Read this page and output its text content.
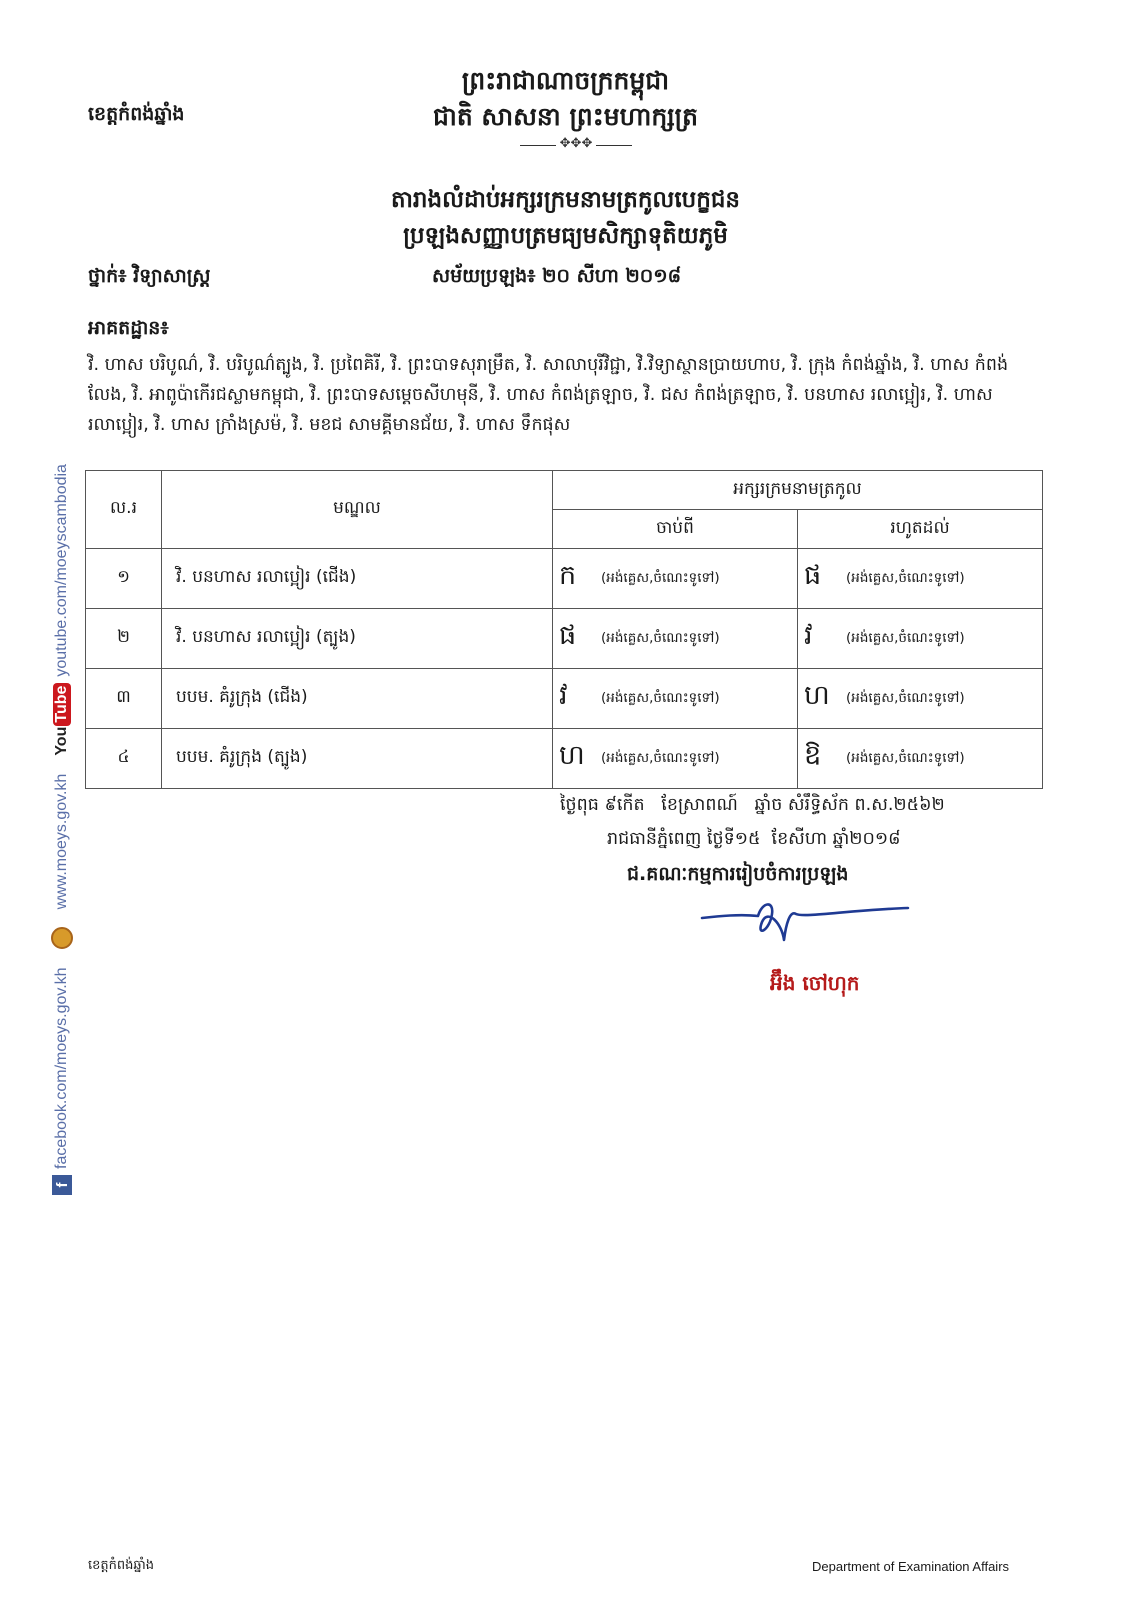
ព្រះរាជាណាចក្រកម្ពុជា
ជាតិ សាសនា ព្រះមហាក្សត្រ
✥✥✥
ខេត្តកំពង់ឆ្នាំង
តារាងលំដាប់អក្សរក្រមនាមត្រកូលបេក្ខជន
ប្រឡងសញ្ញាបត្រមធ្យមសិក្សាទុតិយភូមិ
ថ្នាក់៖ វិទ្យាសាស្ត្រ	សម័យប្រឡង៖ ២០ សីហា ២០១៨
អាគតដ្ឋាន៖
វិ. ហាស បរិបូណ៌, វិ. បរិបូណ៌ត្បូង, វិ. ប្រពៃគិរី, វិ. ព្រះបាទសុរាម្រឹត, វិ. សាលាបុរីវិជ្ជា, វិ.វិទ្យាស្ថានប្រាយហាប, វិ. ក្រុង កំពង់ឆ្នាំង, វិ. ហាស កំពង់លែង, វិ. អាពូប៉ាកើរជស្លាមកម្ពុជា, វិ. ព្រះបាទសម្តេចសីហមុនី, វិ. ហាស កំពង់ត្រឡាច, វិ. ជស កំពង់ត្រឡាច, វិ. បនហាស រលាប្អៀរ, វិ. ហាស រលាប្អៀរ, វិ. ហាស ក្រាំងស្រម៉, វិ. មខជ សាមគ្គីមានជ័យ, វិ. ហាស ទឹកផុស
ល.រ	មណ្ឌល	អក្សរក្រមនាមត្រកូល	
		ចាប់ពី	រហូតដល់
១	វិ. បនហាស រលាប្អៀរ (ជើង)	ក (អង់គ្លេស,ចំណេះទូទៅ)	ផ (អង់គ្លេស,ចំណេះទូទៅ)

២	វិ. បនហាស រលាប្អៀរ (ត្បូង)	ផ (អង់គ្លេស,ចំណេះទូទៅ)	វ (អង់គ្លេស,ចំណេះទូទៅ)

៣	បបម. គំរូក្រុង (ជើង)	វ (អង់គ្លេស,ចំណេះទូទៅ)	ហ (អង់គ្លេស,ចំណេះទូទៅ)

៤	បបម. គំរូក្រុង (ត្បូង)	ហ (អង់គ្លេស,ចំណេះទូទៅ)	ឱ (អង់គ្លេស,ចំណេះទូទៅ)
ថ្ងៃពុធ ៩កើត   ខែស្រាពណ៍   ឆ្នាំច សំរឹទ្ធិស័ក ព.ស.២៥៦២
រាជធានីភ្នំពេញ ថ្ងៃទី១៥  ខែសីហា ឆ្នាំ២០១៨
ជ.គណៈកម្មការរៀបចំការប្រឡង
អ៊ឹង ចៅហុក
f
facebook.com/moeys.gov.kh
www.moeys.gov.kh
You
Tube
youtube.com/moeyscambodia
ខេត្តកំពង់ឆ្នាំង	Department of Examination Affairs
